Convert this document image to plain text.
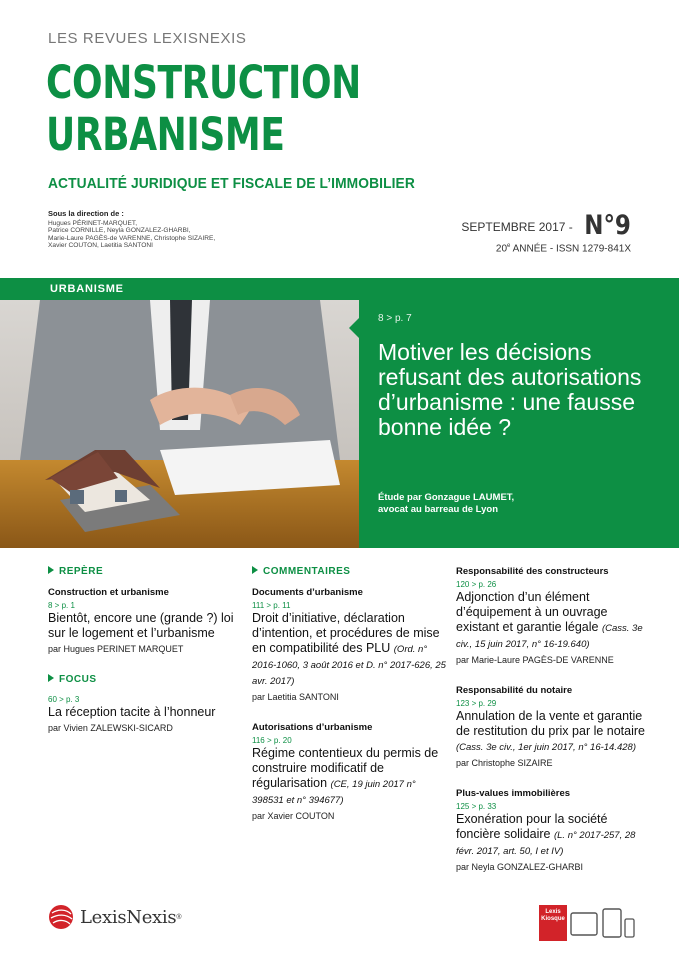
LES REVUES LEXISNEXIS
CONSTRUCTION
URBANISME
ACTUALITÉ JURIDIQUE ET FISCALE DE L’IMMOBILIER
Sous la direction de :
Hugues PÉRINET-MARQUET,
Patrice CORNILLE, Neyla GONZALEZ-GHARBI,
Marie-Laure PAGÈS-de VARENNE, Christophe SIZAIRE,
Xavier COUTON, Laetitia SANTONI
SEPTEMBRE 2017 - N°9
20e ANNÉE - ISSN 1279-841X
URBANISME
8 > p. 7
Motiver les décisions refusant des autorisations d’urbanisme : une fausse bonne idée ?
Étude par Gonzague LAUMET,
avocat au barreau de Lyon
REPÈRE
Construction et urbanisme
8 > p. 1
Bientôt, encore une (grande ?) loi sur le logement et l’urbanisme
par Hugues PERINET MARQUET
FOCUS
60 > p. 3
La réception tacite à l’honneur
par Vivien ZALEWSKI-SICARD
COMMENTAIRES
Documents d’urbanisme
111 > p. 11
Droit d’initiative, déclaration d’intention, et procédures de mise en compatibilité des PLU (Ord. n° 2016-1060, 3 août 2016 et D. n° 2017-626, 25 avr. 2017)
par Laetitia SANTONI
Autorisations d’urbanisme
116 > p. 20
Régime contentieux du permis de construire modificatif de régularisation (CE, 19 juin 2017 n° 398531 et n° 394677)
par Xavier COUTON
Responsabilité des constructeurs
120 > p. 26
Adjonction d’un élément d’équipement à un ouvrage existant et garantie légale (Cass. 3e civ., 15 juin 2017, n° 16-19.640)
par Marie-Laure PAGÈS-DE VARENNE
Responsabilité du notaire
123 > p. 29
Annulation de la vente et garantie de restitution du prix par le notaire (Cass. 3e civ., 1er juin 2017, n° 16-14.428)
par Christophe SIZAIRE
Plus-values immobilières
125 > p. 33
Exonération pour la société foncière solidaire (L. n° 2017-257, 28 févr. 2017, art. 50, I et IV)
par Neyla GONZALEZ-GHARBI
LexisNexis ®
Lexis
Kiosque
